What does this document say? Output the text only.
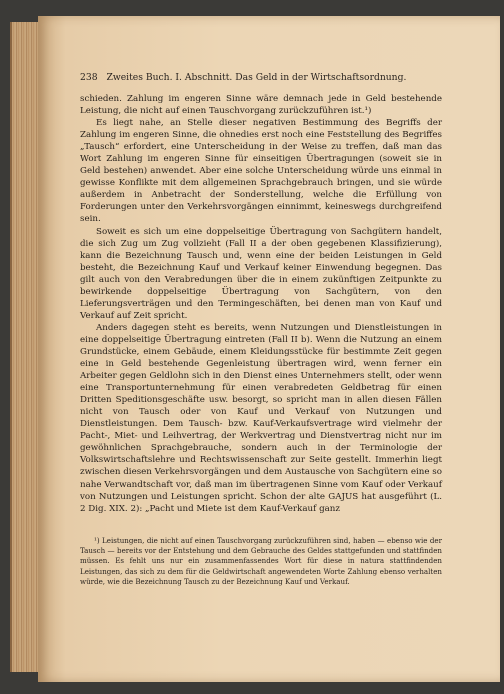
238 Zweites Buch. I. Abschnitt. Das Geld in der Wirtschaftsordnung.

schieden. Zahlung im engeren Sinne wäre demnach jede in Geld bestehende Leistung, die nicht auf einen Tauschvorgang zurückzuführen ist.¹)

Es liegt nahe, an Stelle dieser negativen Bestimmung des Begriffs der Zahlung im engeren Sinne, die ohnedies erst noch eine Feststellung des Begriffes „Tausch“ erfordert, eine Unterscheidung in der Weise zu treffen, daß man das Wort Zahlung im engeren Sinne für einseitigen Übertragungen (soweit sie in Geld bestehen) anwendet. Aber eine solche Unterscheidung würde uns einmal in gewisse Konflikte mit dem allgemeinen Sprachgebrauch bringen, und sie würde außerdem in Anbetracht der Sonderstellung, welche die Erfüllung von Forderungen unter den Verkehrsvorgängen einnimmt, keineswegs durchgreifend sein.

Soweit es sich um eine doppelseitige Übertragung von Sachgütern handelt, die sich Zug um Zug vollzieht (Fall II a der oben gegebenen Klassifizierung), kann die Bezeichnung Tausch und, wenn eine der beiden Leistungen in Geld besteht, die Bezeichnung Kauf und Verkauf keiner Einwendung begegnen. Das gilt auch von den Verabredungen über die in einem zukünftigen Zeitpunkte zu bewirkende doppelseitige Übertragung von Sachgütern, von den Lieferungsverträgen und den Termingeschäften, bei denen man von Kauf und Verkauf auf Zeit spricht.

Anders dagegen steht es bereits, wenn Nutzungen und Dienstleistungen in eine doppelseitige Übertragung eintreten (Fall II b). Wenn die Nutzung an einem Grundstücke, einem Gebäude, einem Kleidungsstücke für bestimmte Zeit gegen eine in Geld bestehende Gegenleistung übertragen wird, wenn ferner ein Arbeiter gegen Geldlohn sich in den Dienst eines Unternehmers stellt, oder wenn eine Transportunternehmung für einen verabredeten Geldbetrag für einen Dritten Speditionsgeschäfte usw. besorgt, so spricht man in allen diesen Fällen nicht von Tausch oder von Kauf und Verkauf von Nutzungen und Dienstleistungen. Dem Tausch- bzw. Kauf-Verkaufsvertrage wird vielmehr der Pacht-, Miet- und Leihvertrag, der Werkvertrag und Dienstvertrag nicht nur im gewöhnlichen Sprachgebrauche, sondern auch in der Terminologie der Volkswirtschaftslehre und Rechtswissenschaft zur Seite gestellt. Immerhin liegt zwischen diesen Verkehrsvorgängen und dem Austausche von Sachgütern eine so nahe Verwandtschaft vor, daß man im übertragenen Sinne vom Kauf oder Verkauf von Nutzungen und Leistungen spricht. Schon der alte GAJUS hat ausgeführt (L. 2 Dig. XIX. 2): „Pacht und Miete ist dem Kauf-Verkauf ganz

¹) Leistungen, die nicht auf einen Tauschvorgang zurückzuführen sind, haben — ebenso wie der Tausch — bereits vor der Entstehung und dem Gebrauche des Geldes stattgefunden und stattfinden müssen. Es fehlt uns nur ein zusammenfassendes Wort für diese in natura stattfindenden Leistungen, das sich zu dem für die Geldwirtschaft angewendeten Worte Zahlung ebenso verhalten würde, wie die Bezeichnung Tausch zu der Bezeichnung Kauf und Verkauf.
